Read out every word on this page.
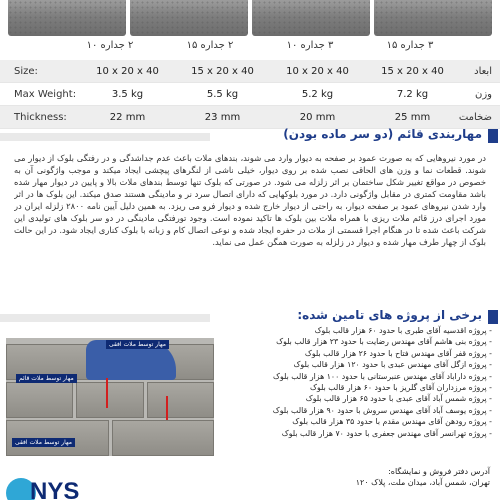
۲ جداره ۱۰	۲ جداره ۱۵	۳ جداره ۱۰	۳ جداره ۱۵
Size:	10 x 20 x 40	15 x 20 x 40	10 x 20 x 40	15 x 20 x 40	ابعاد
Max Weight:	3.5 kg	5.5 kg	5.2 kg	7.2 kg	وزن
Thickness:	22 mm	23 mm	20 mm	25 mm	ضخامت
مهاربندی قائم (دو سر ماده بودن)
در مورد نیروهایی که به صورت عمود بر صفحه به دیوار وارد می شوند، بندهای ملات باعث عدم جداشدگی و در رفتگی بلوک از دیوار می شوند. قطعات نما و وزن های الحاقی نصب شده بر روی دیوار، خیلی ناشی از لنگرهای پیچشی ایجاد میکند و موجب واژگونی آن به خصوص در مواقع تغییر شکل ساختمان بر اثر زلزله می شود. در صورتی که بلوک تنها توسط بندهای ملات بالا و پایین در دیوار مهار شده باشد مقاومت کمتری در مقابل واژگونی دارد. در مورد بلوکهایی که دارای اتصال سرد نر و مادینگی هستند صدق میکند. این بلوک ها در اثر وارد شدن نیروهای عمود بر صفحه دیوار، به راحتی از دیوار خارج شده و دیوار فرو می ریزد. به همین دلیل آیین نامه ۲۸۰۰ زلزله ایران در مورد اجرای درز قائم ملات ریزی با همراه ملات بین بلوک ها تاکید نموده است. وجود تورفتگی مادینگی در دو سر بلوک های تولیدی این شرکت باعث شده تا در هنگام اجرا قسمتی از ملات در حفره ایجاد شده و نوعی اتصال کام و زبانه با بلوک کناری ایجاد شود. در این حالت بلوک از چهار طرف مهار شده و دیوار در زلزله به صورت همگن عمل می نماید.
برخی از پروژه های تامین شده:
مهار توسط ملات افقی
مهار توسط ملات قائم
مهار توسط ملات افقی
- پروژه اقدسیه آقای طبری با حدود ۶۰ هزار قالب بلوک
- پروژه بنی هاشم آقای مهندس رضایت با حدود ۲۳ هزار قالب بلوک
- پروژه قفر آقای مهندس فتاح با حدود ۲۶ هزار قالب بلوک
- پروژه ازگل آقای مهندس عبدی با حدود ۱۲۰ هزار قالب بلوک
- پروژه داراباد آقای مهندس عنبرستانی با حدود ۱۰۰ هزار قالب بلوک
- پروژه مرزداران آقای گلریز با حدود ۶۰ هزار قالب بلوک
- پروژه شمس آباد آقای عبدی با حدود ۶۵ هزار قالب بلوک
- پروژه یوسف آباد آقای مهندس سروش با حدود ۹۰ هزار قالب بلوک
- پروژه رودهن آقای مهندس مقدم با حدود ۳۵ هزار قالب بلوک
- پروژه تهرانسر آقای مهندس جعفری با حدود ۷۰ هزار قالب بلوک
آدرس دفتر فروش و نمایشگاه:
تهران، شمس آباد، میدان ملت، پلاک ۱۲۰
NYS
